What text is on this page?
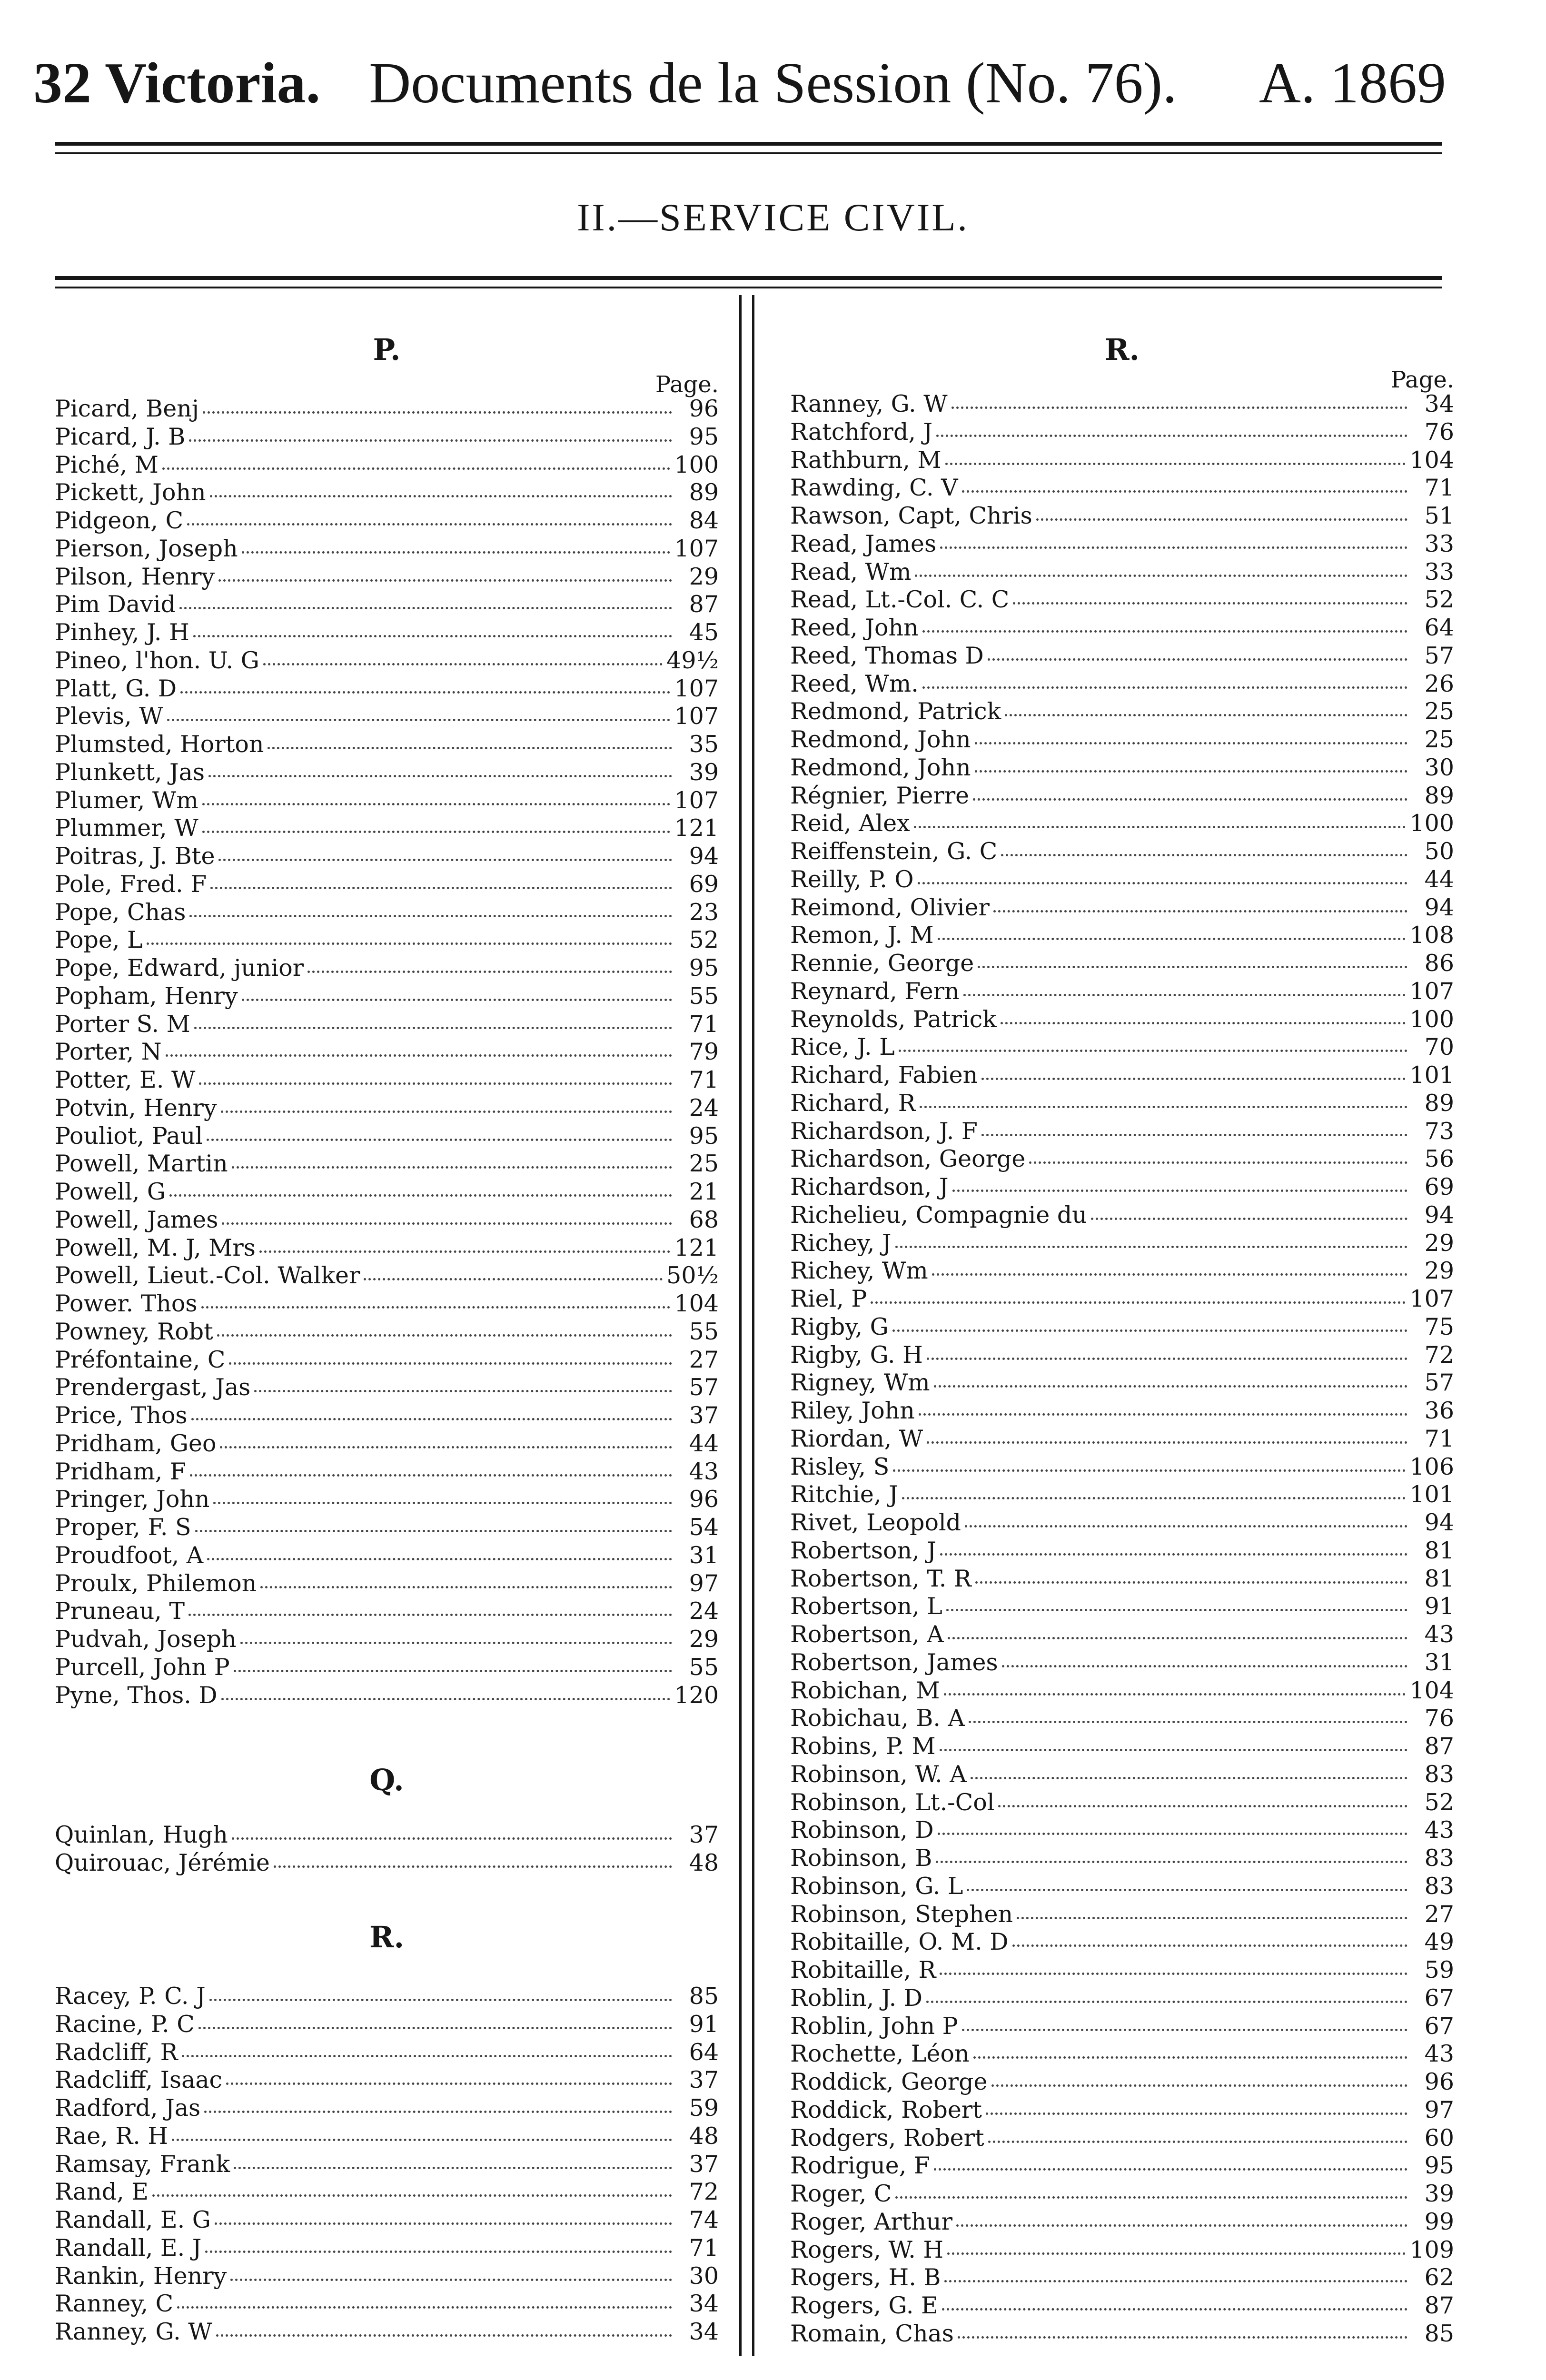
32 Victoria. Documents de la Session (No. 76).	A. 1869
II.—SERVICE CIVIL.
P.
Page.
Picard, Benj	96
Picard, J. B	95
Piché, M	100
Pickett, John	89
Pidgeon, C	84
Pierson, Joseph	107
Pilson, Henry	29
Pim David	87
Pinhey, J. H	45
Pineo, l'hon. U. G	49½
Platt, G. D	107
Plevis, W	107
Plumsted, Horton	35
Plunkett, Jas	39
Plumer, Wm	107
Plummer, W	121
Poitras, J. Bte	94
Pole, Fred. F	69
Pope, Chas	23
Pope, L	52
Pope, Edward, junior	95
Popham, Henry	55
Porter S. M	71
Porter, N	79
Potter, E. W	71
Potvin, Henry	24
Pouliot, Paul	95
Powell, Martin	25
Powell, G	21
Powell, James	68
Powell, M. J, Mrs	121
Powell, Lieut.-Col. Walker	50½
Power. Thos	104
Powney, Robt	55
Préfontaine, C	27
Prendergast, Jas	57
Price, Thos	37
Pridham, Geo	44
Pridham, F	43
Pringer, John	96
Proper, F. S	54
Proudfoot, A	31
Proulx, Philemon	97
Pruneau, T	24
Pudvah, Joseph	29
Purcell, John P	55
Pyne, Thos. D	120
Q.
Quinlan, Hugh	37
Quirouac, Jérémie	48
R.
Racey, P. C. J	85
Racine, P. C	91
Radcliff, R	64
Radcliff, Isaac	37
Radford, Jas	59
Rae, R. H	48
Ramsay, Frank	37
Rand, E	72
Randall, E. G	74
Randall, E. J	71
Rankin, Henry	30
Ranney, C	34
Ranney, G. W	34
R.
Page.
Ranney, G. W	34
Ratchford, J	76
Rathburn, M	104
Rawding, C. V	71
Rawson, Capt, Chris	51
Read, James	33
Read, Wm	33
Read, Lt.-Col. C. C	52
Reed, John	64
Reed, Thomas D	57
Reed, Wm.	26
Redmond, Patrick	25
Redmond, John	25
Redmond, John	30
Régnier, Pierre	89
Reid, Alex	100
Reiffenstein, G. C	50
Reilly, P. O	44
Reimond, Olivier	94
Remon, J. M	108
Rennie, George	86
Reynard, Fern	107
Reynolds, Patrick	100
Rice, J. L	70
Richard, Fabien	101
Richard, R	89
Richardson, J. F	73
Richardson, George	56
Richardson, J	69
Richelieu, Compagnie du	94
Richey, J	29
Richey, Wm	29
Riel, P	107
Rigby, G	75
Rigby, G. H	72
Rigney, Wm	57
Riley, John	36
Riordan, W	71
Risley, S	106
Ritchie, J	101
Rivet, Leopold	94
Robertson, J	81
Robertson, T. R	81
Robertson, L	91
Robertson, A	43
Robertson, James	31
Robichan, M	104
Robichau, B. A	76
Robins, P. M	87
Robinson, W. A	83
Robinson, Lt.-Col	52
Robinson, D	43
Robinson, B	83
Robinson, G. L	83
Robinson, Stephen	27
Robitaille, O. M. D	49
Robitaille, R	59
Roblin, J. D	67
Roblin, John P	67
Rochette, Léon	43
Roddick, George	96
Roddick, Robert	97
Rodgers, Robert	60
Rodrigue, F	95
Roger, C	39
Roger, Arthur	99
Rogers, W. H	109
Rogers, H. B	62
Rogers, G. E	87
Romain, Chas	85
